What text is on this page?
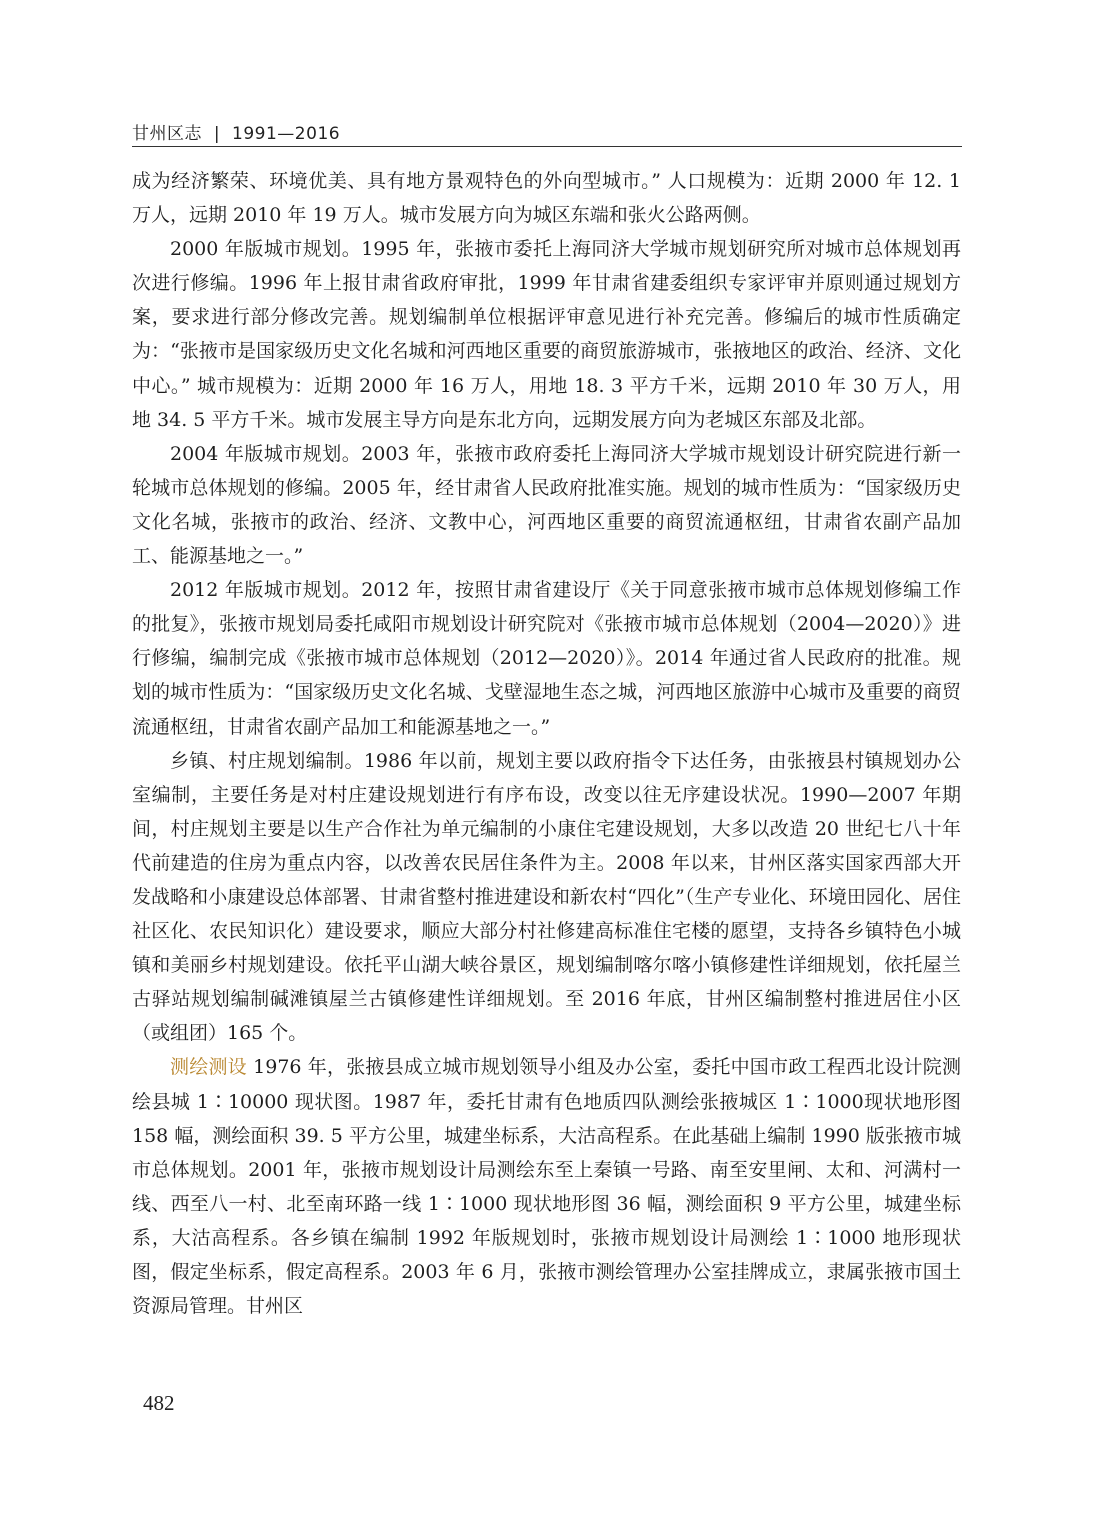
甘州区志 | 1991—2016

成为经济繁荣、环境优美、具有地方景观特色的外向型城市。” 人口规模为：近期 2000 年 12. 1 万人，远期 2010 年 19 万人。城市发展方向为城区东端和张火公路两侧。

2000 年版城市规划。1995 年，张掖市委托上海同济大学城市规划研究所对城市总体规划再次进行修编。1996 年上报甘肃省政府审批，1999 年甘肃省建委组织专家评审并原则通过规划方案，要求进行部分修改完善。规划编制单位根据评审意见进行补充完善。修编后的城市性质确定为：“张掖市是国家级历史文化名城和河西地区重要的商贸旅游城市，张掖地区的政治、经济、文化中心。” 城市规模为：近期 2000 年 16 万人，用地 18. 3 平方千米，远期 2010 年 30 万人，用地 34. 5 平方千米。城市发展主导方向是东北方向，远期发展方向为老城区东部及北部。

2004 年版城市规划。2003 年，张掖市政府委托上海同济大学城市规划设计研究院进行新一轮城市总体规划的修编。2005 年，经甘肃省人民政府批准实施。规划的城市性质为：“国家级历史文化名城，张掖市的政治、经济、文教中心，河西地区重要的商贸流通枢纽，甘肃省农副产品加工、能源基地之一。”

2012 年版城市规划。2012 年，按照甘肃省建设厅《关于同意张掖市城市总体规划修编工作的批复》，张掖市规划局委托咸阳市规划设计研究院对《张掖市城市总体规划（2004—2020）》进行修编，编制完成《张掖市城市总体规划（2012—2020）》。2014 年通过省人民政府的批准。规划的城市性质为：“国家级历史文化名城、戈壁湿地生态之城，河西地区旅游中心城市及重要的商贸流通枢纽，甘肃省农副产品加工和能源基地之一。”

乡镇、村庄规划编制。1986 年以前，规划主要以政府指令下达任务，由张掖县村镇规划办公室编制，主要任务是对村庄建设规划进行有序布设，改变以往无序建设状况。1990—2007 年期间，村庄规划主要是以生产合作社为单元编制的小康住宅建设规划，大多以改造 20 世纪七八十年代前建造的住房为重点内容，以改善农民居住条件为主。2008 年以来，甘州区落实国家西部大开发战略和小康建设总体部署、甘肃省整村推进建设和新农村“四化”（生产专业化、环境田园化、居住社区化、农民知识化）建设要求，顺应大部分村社修建高标准住宅楼的愿望，支持各乡镇特色小城镇和美丽乡村规划建设。依托平山湖大峡谷景区，规划编制喀尔喀小镇修建性详细规划，依托屋兰古驿站规划编制碱滩镇屋兰古镇修建性详细规划。至 2016 年底，甘州区编制整村推进居住小区（或组团）165 个。

测绘测设 1976 年，张掖县成立城市规划领导小组及办公室，委托中国市政工程西北设计院测绘县城 1∶10000 现状图。1987 年，委托甘肃有色地质四队测绘张掖城区 1∶1000现状地形图 158 幅，测绘面积 39. 5 平方公里，城建坐标系，大沽高程系。在此基础上编制 1990 版张掖市城市总体规划。2001 年，张掖市规划设计局测绘东至上秦镇一号路、南至安里闸、太和、河满村一线、西至八一村、北至南环路一线 1∶1000 现状地形图 36 幅，测绘面积 9 平方公里，城建坐标系，大沽高程系。各乡镇在编制 1992 年版规划时，张掖市规划设计局测绘 1∶1000 地形现状图，假定坐标系，假定高程系。2003 年 6 月，张掖市测绘管理办公室挂牌成立，隶属张掖市国土资源局管理。甘州区

482
